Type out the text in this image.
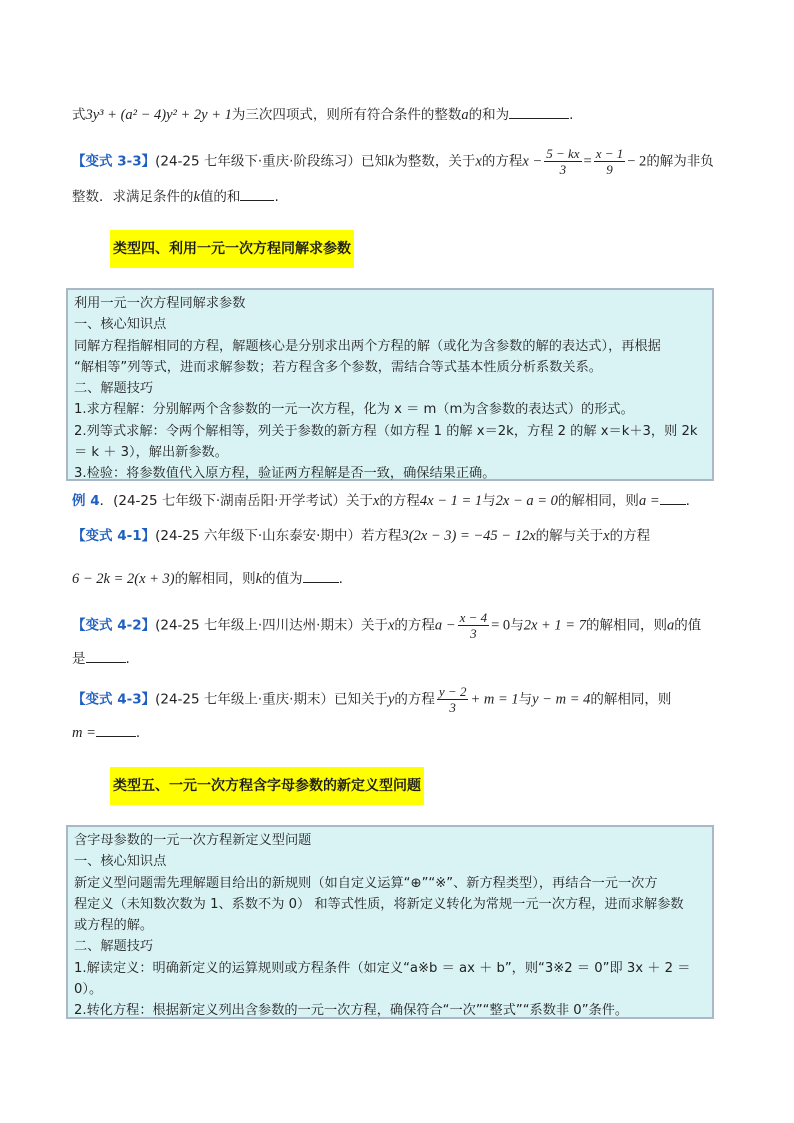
式3y³ + (a² − 4)y² + 2y + 1为三次四项式，则所有符合条件的整数a的和为	.
【变式 3-3】(24-25 七年级下·重庆·阶段练习）已知k为整数，关于x的方程$x - \frac{5 - kx}{3} = \frac{x - 1}{9} - 2$的解为非负
整数．求满足条件的k值的和	.
类型四、利用一元一次方程同解求参数

利用一元一次方程同解求参数

一、核心知识点

同解方程指解相同的方程，解题核心是分别求出两个方程的解（或化为含参数的解的表达式），再根据

“解相等”列等式，进而求解参数；若方程含多个参数，需结合等式基本性质分析系数关系。

二、解题技巧

1.求方程解：分别解两个含参数的一元一次方程，化为 x ＝ m（m为含参数的表达式）的形式。

2.列等式求解：令两个解相等，列关于参数的新方程（如方程 1 的解 x＝2k，方程 2 的解 x＝k＋3，则 2k

＝ k ＋ 3），解出新参数。

3.检验：将参数值代入原方程，验证两方程解是否一致，确保结果正确。

例 4．(24-25 七年级下·湖南岳阳·开学考试）关于x的方程4x − 1 = 1与2x − a = 0的解相同，则a = .
【变式 4-1】(24-25 六年级下·山东泰安·期中）若方程3(2x − 3) = −45 − 12x的解与关于x的方程
6 − 2k = 2(x + 3)的解相同，则k的值为	.
【变式 4-2】(24-25 七年级上·四川达州·期末）关于x的方程$a - \frac{x - 4}{3} = 0$与2x + 1 = 7的解相同，则a的值
是	.
【变式 4-3】(24-25 七年级上·重庆·期末）已知关于y的方程 $\frac{y - 2}{3} + m = 1$与y − m = 4的解相同，则
m =	.
类型五、一元一次方程含字母参数的新定义型问题

含字母参数的一元一次方程新定义型问题

一、核心知识点

新定义型问题需先理解题目给出的新规则（如自定义运算“⊕”“※”、新方程类型），再结合一元一次方

程定义（未知数次数为 1、系数不为 0） 和等式性质，将新定义转化为常规一元一次方程，进而求解参数

或方程的解。

二、解题技巧

1.解读定义：明确新定义的运算规则或方程条件（如定义“a※b ＝ ax ＋ b”，则“3※2 ＝ 0”即 3x ＋ 2 ＝

0）。

2.转化方程：根据新定义列出含参数的一元一次方程，确保符合“一次”“整式”“系数非 0”条件。
